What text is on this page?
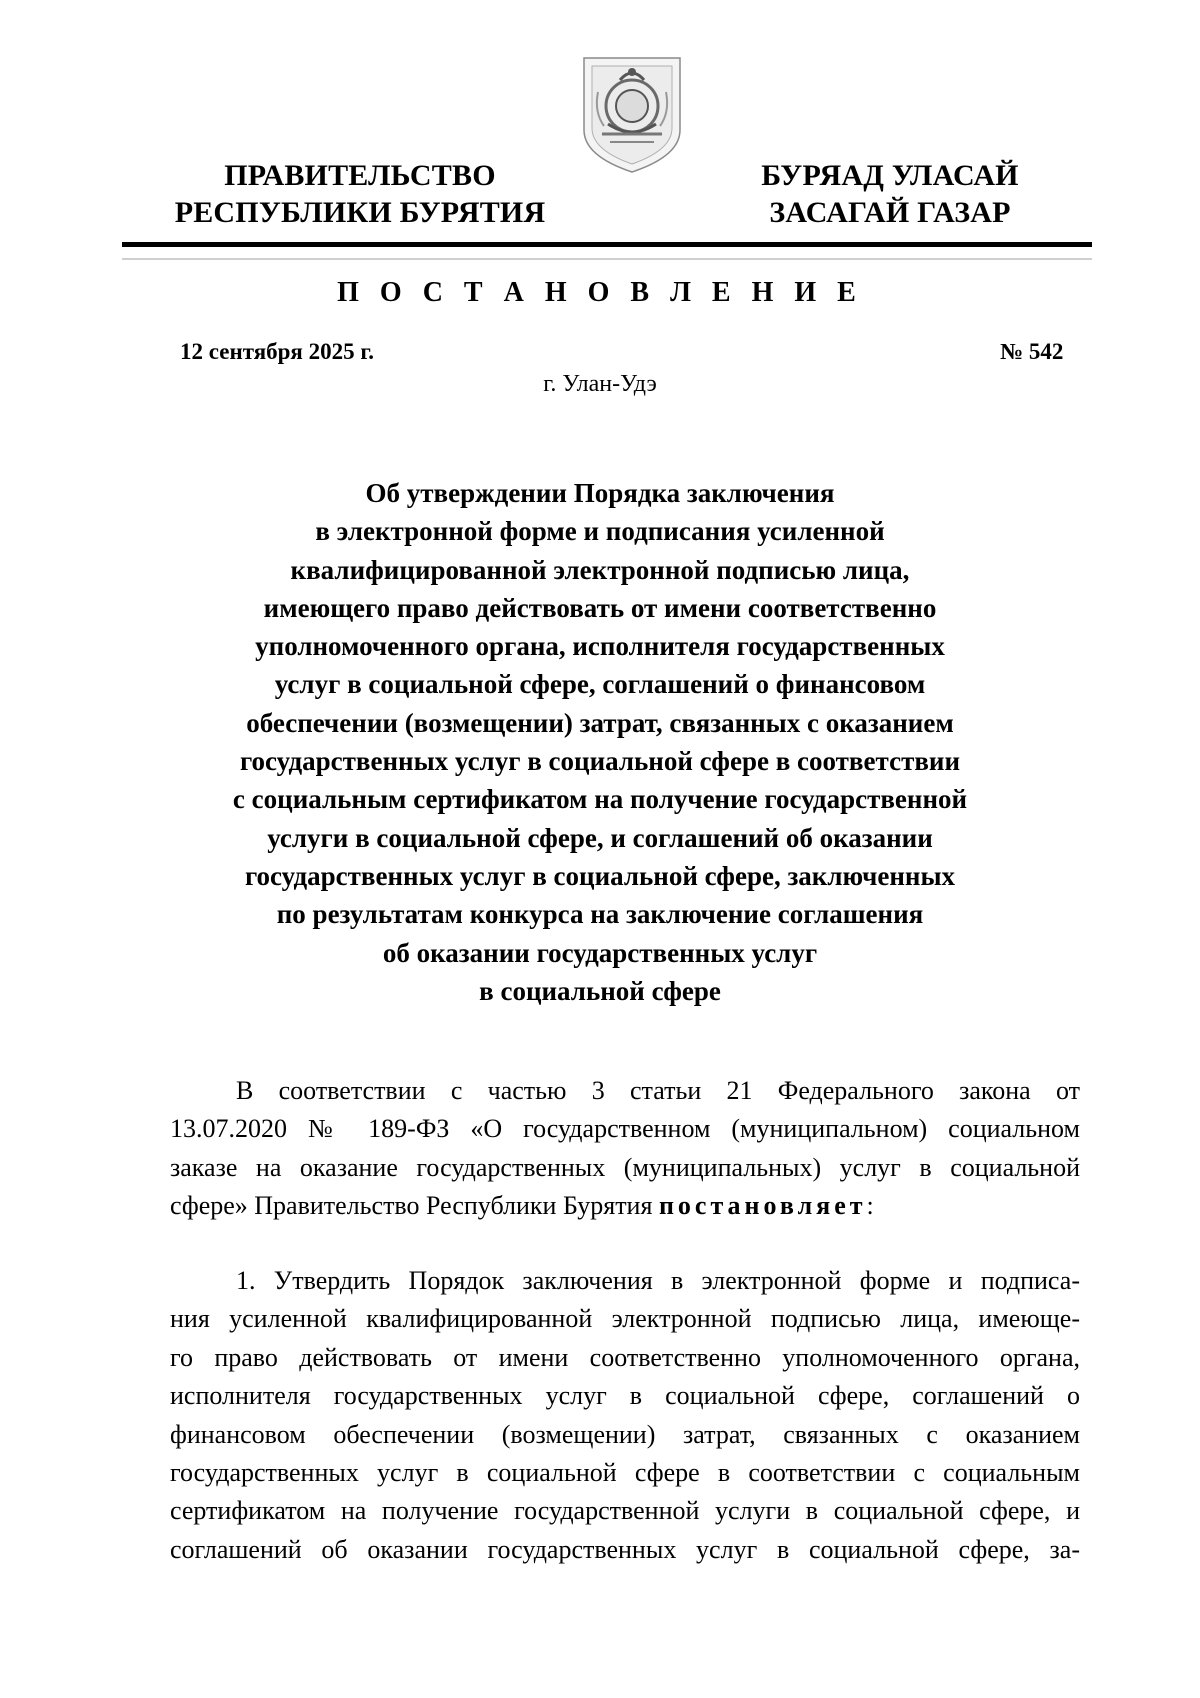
ПРАВИТЕЛЬСТВО
РЕСПУБЛИКИ БУРЯТИЯ
БУРЯАД УЛАСАЙ
ЗАСАГАЙ ГАЗАР
П О С Т А Н О В Л Е Н И Е
12 сентября 2025 г.	№ 542
г. Улан-Удэ
Об утверждении Порядка заключения
в электронной форме и подписания усиленной
квалифицированной электронной подписью лица,
имеющего право действовать от имени соответственно
уполномоченного органа, исполнителя государственных
услуг в социальной сфере, соглашений о финансовом
обеспечении (возмещении) затрат, связанных с оказанием
государственных услуг в социальной сфере в соответствии
с социальным сертификатом на получение государственной
услуги в социальной сфере, и соглашений об оказании
государственных услуг в социальной сфере, заключенных
по результатам конкурса на заключение соглашения
об оказании государственных услуг
в социальной сфере
В соответствии с частью 3 статьи 21 Федерального закона от
13.07.2020 № 189-ФЗ «О государственном (муниципальном) социальном
заказе на оказание государственных (муниципальных) услуг в социальной
сфере» Правительство Республики Бурятия постановляет:
1. Утвердить Порядок заключения в электронной форме и подписа-
ния усиленной квалифицированной электронной подписью лица, имеюще-
го право действовать от имени соответственно уполномоченного органа,
исполнителя государственных услуг в социальной сфере, соглашений о
финансовом обеспечении (возмещении) затрат, связанных с оказанием
государственных услуг в социальной сфере в соответствии с социальным
сертификатом на получение государственной услуги в социальной сфере, и
соглашений об оказании государственных услуг в социальной сфере, за-
